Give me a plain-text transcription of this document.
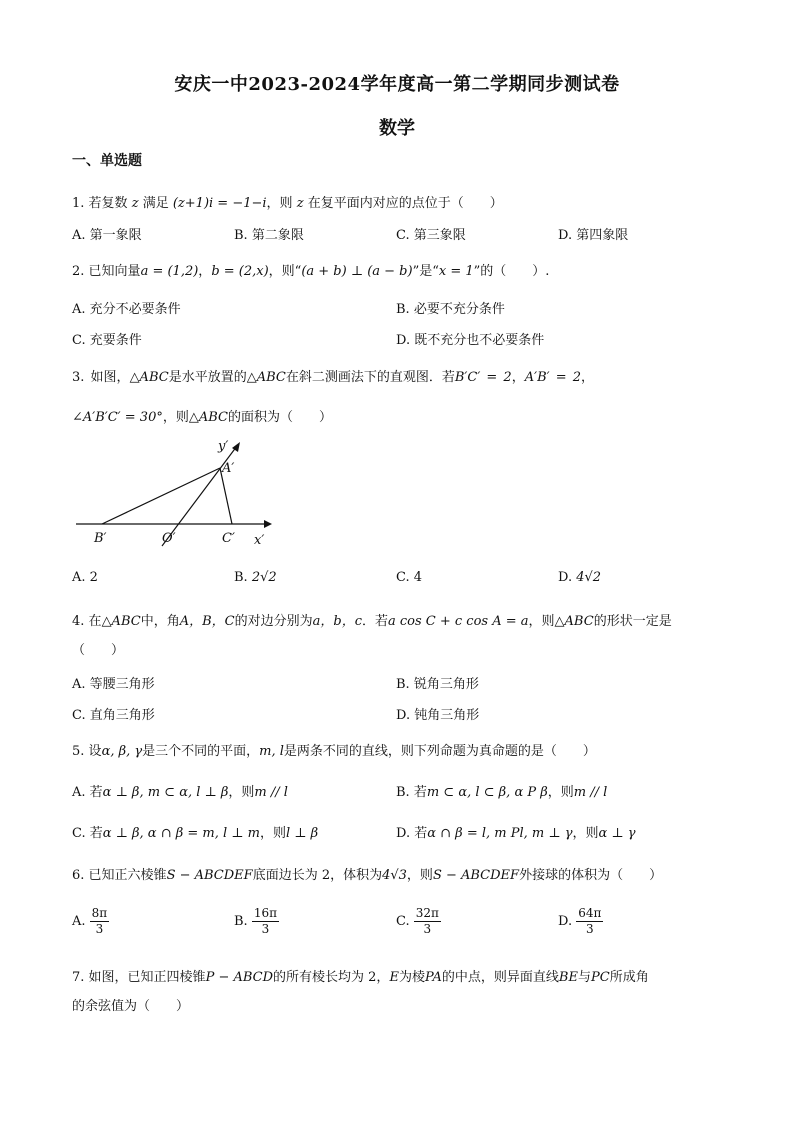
安庆一中2023-2024学年度高一第二学期同步测试卷
数学
一、单选题
1. 若复数 z 满足 (z+1)i = −1−i，则 z 在复平面内对应的点位于（　　）
A. 第一象限	B. 第二象限	C. 第三象限	D. 第四象限
2. 已知向量a = (1,2)，b = (2,x)，则“(a + b) ⊥ (a − b)”是“x = 1”的（　　）.
A. 充分不必要条件	B. 必要不充分条件
C. 充要条件	D. 既不充分也不必要条件
3. 如图，△ABC是水平放置的△ABC在斜二测画法下的直观图．若B′C′ = 2，A′B′ = 2，
∠A′B′C′ = 30°，则△ABC的面积为（　　）
y′
A′
B′	O′	C′ x′
A. 2	B. 2√2	C. 4	D. 4√2
4. 在△ABC中，角A，B，C的对边分别为a，b，c．若a cos C + c cos A = a，则△ABC的形状一定是
（　　）
A. 等腰三角形	B. 锐角三角形
C. 直角三角形	D. 钝角三角形
5. 设α, β, γ是三个不同的平面，m, l是两条不同的直线，则下列命题为真命题的是（　　）
A. 若α ⊥ β, m ⊂ α, l ⊥ β，则m // l	B. 若m ⊂ α, l ⊂ β, α P β，则m // l
C. 若α ⊥ β, α ∩ β = m, l ⊥ m，则l ⊥ β	D. 若α ∩ β = l, m Pl, m ⊥ γ，则α ⊥ γ
6. 已知正六棱锥S − ABCDEF底面边长为 2，体积为4√3，则S − ABCDEF外接球的体积为（　　）
A. $\frac{8\pi}{3}$	B. $\frac{16\pi}{3}$	C. $\frac{32\pi}{3}$	D. $\frac{64\pi}{3}$
7. 如图，已知正四棱锥P − ABCD的所有棱长均为 2，E为棱PA的中点，则异面直线BE与PC所成角
的余弦值为（　　）
